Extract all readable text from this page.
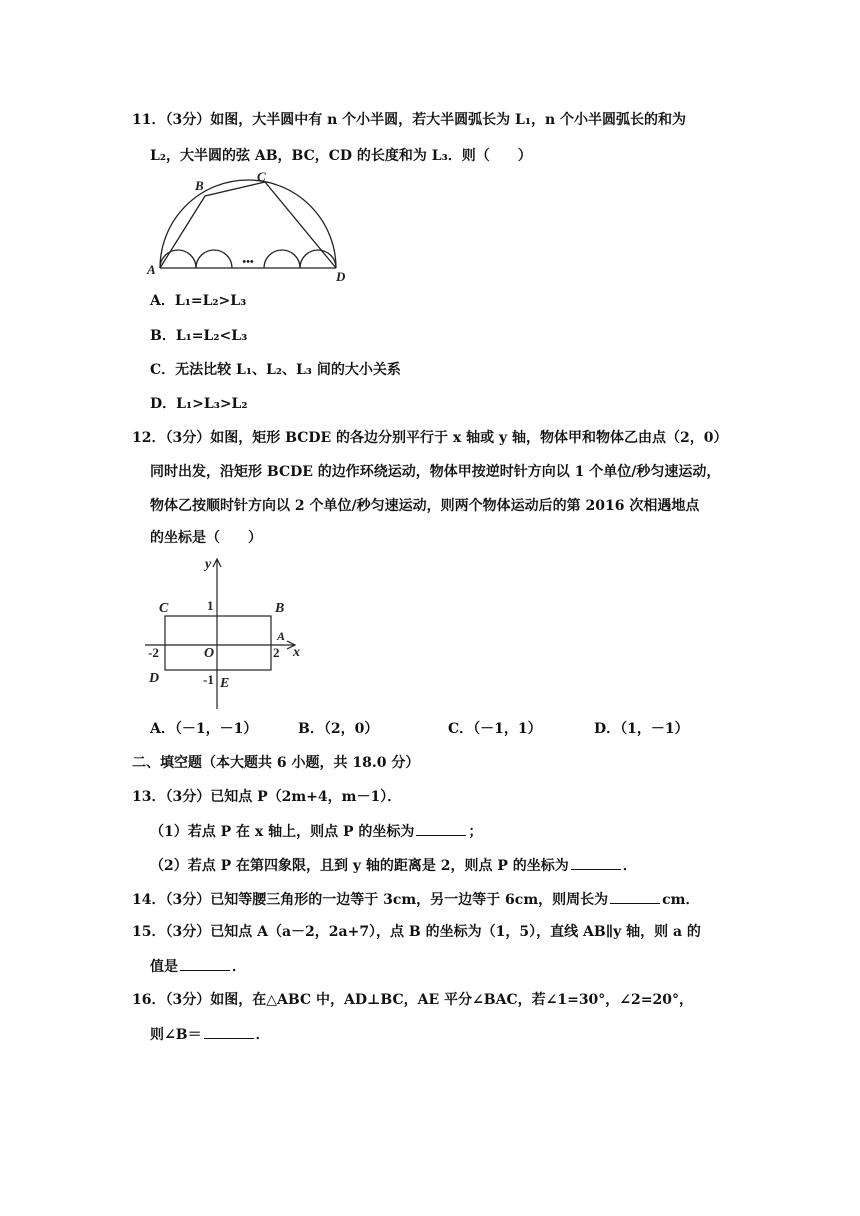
11．（3分）如图，大半圆中有 n 个小半圆，若大半圆弧长为 L₁，n 个小半圆弧长的和为
L₂，大半圆的弦 AB，BC，CD 的长度和为 L₃．则（　　）
•••
A
B
C
D
A．L₁=L₂>L₃
B．L₁=L₂<L₃
C．无法比较 L₁、L₂、L₃ 间的大小关系
D．L₁>L₃>L₂
12．（3分）如图，矩形 BCDE 的各边分别平行于 x 轴或 y 轴，物体甲和物体乙由点（2，0）
同时出发，沿矩形 BCDE 的边作环绕运动，物体甲按逆时针方向以 1 个单位/秒匀速运动，
物体乙按顺时针方向以 2 个单位/秒匀速运动，则两个物体运动后的第 2016 次相遇地点
的坐标是（　　）
y
x
C	1	B
A
-2	O	2
D	-1 E
A．（－1，－1）	B．（2，0）	C．（－1，1）	D．（1，－1）
二、填空题（本大题共 6 小题，共 18.0 分）
13．（3分）已知点 P（2m+4，m－1）．
（1）若点 P 在 x 轴上，则点 P 的坐标为	；
（2）若点 P 在第四象限，且到 y 轴的距离是 2，则点 P 的坐标为	．
14．（3分）已知等腰三角形的一边等于 3cm，另一边等于 6cm，则周长为	cm．
15．（3分）已知点 A（a－2，2a+7），点 B 的坐标为（1，5），直线 AB∥y 轴，则 a 的
值是	．
16．（3分）如图，在△ABC 中，AD⊥BC，AE 平分∠BAC，若∠1=30°，∠2=20°，
则∠B＝	．
